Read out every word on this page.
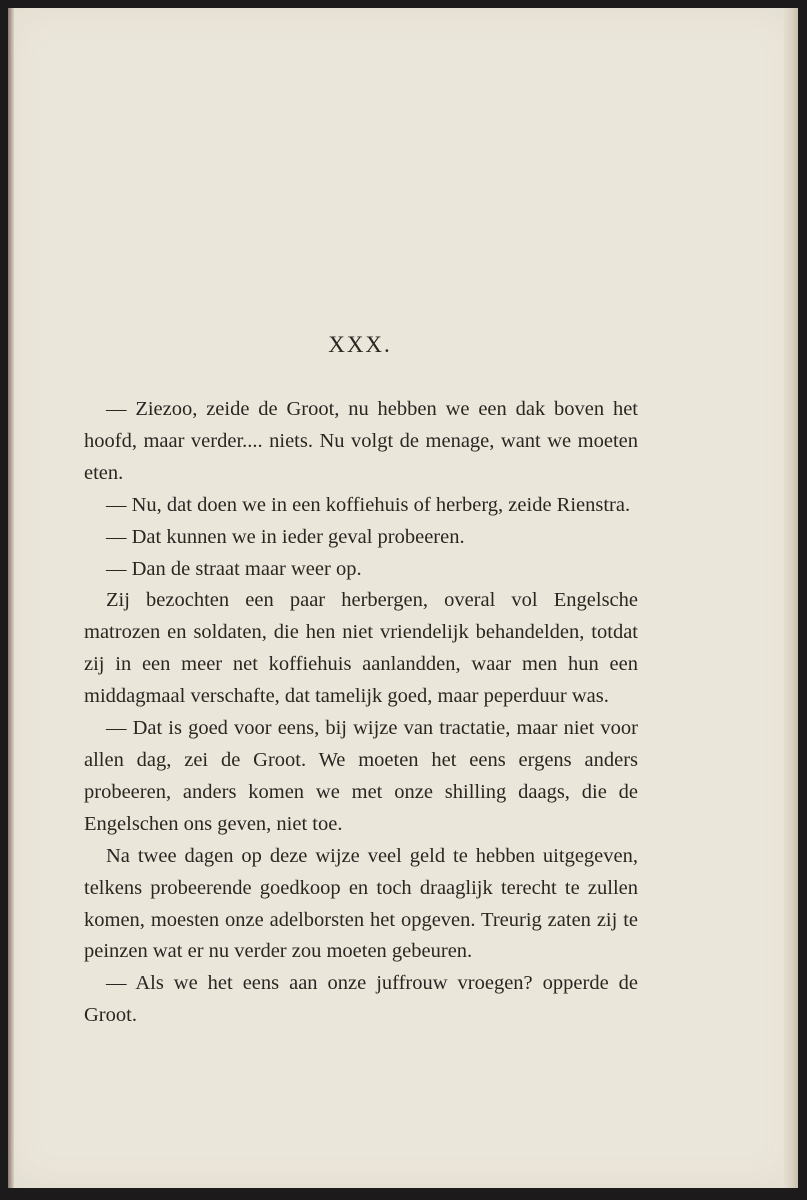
XXX.

— Ziezoo, zeide de Groot, nu hebben we een dak boven het hoofd, maar verder.... niets. Nu volgt de menage, want we moeten eten.

— Nu, dat doen we in een koffiehuis of herberg, zeide Rienstra.

— Dat kunnen we in ieder geval probeeren.

— Dan de straat maar weer op.

Zij bezochten een paar herbergen, overal vol Engelsche matrozen en soldaten, die hen niet vriendelijk behandelden, totdat zij in een meer net koffiehuis aanlandden, waar men hun een middagmaal verschafte, dat tamelijk goed, maar peperduur was.

— Dat is goed voor eens, bij wijze van tractatie, maar niet voor allen dag, zei de Groot. We moeten het eens ergens anders probeeren, anders komen we met onze shilling daags, die de Engelschen ons geven, niet toe.

Na twee dagen op deze wijze veel geld te hebben uitgegeven, telkens probeerende goedkoop en toch draaglijk terecht te zullen komen, moesten onze adelborsten het opgeven. Treurig zaten zij te peinzen wat er nu verder zou moeten gebeuren.

— Als we het eens aan onze juffrouw vroegen? opperde de Groot.
